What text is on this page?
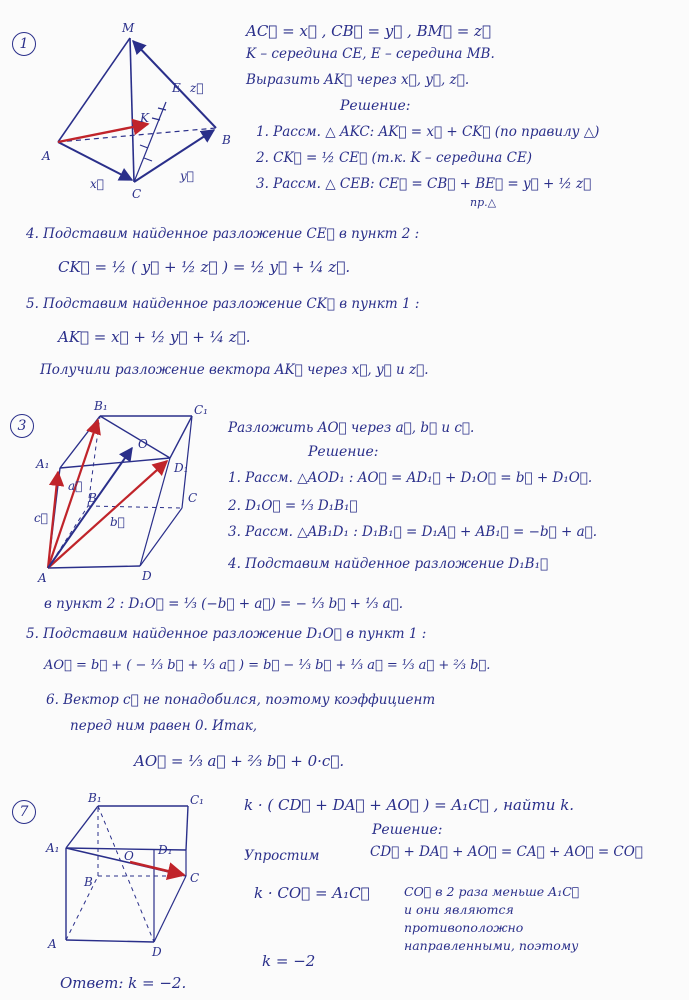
1
M
E z⃗
K
B
A
C
x⃗
y⃗
AC⃗ = x⃗ , CB⃗ = y⃗ , BM⃗ = z⃗
K – середина CE, E – середина MB.
Выразить AK⃗ через x⃗, y⃗, z⃗.
Решение:
1. Рассм. △ AKC: AK⃗ = x⃗ + CK⃗ (по правилу △)
2. CK⃗ = ½ CE⃗ (т.к. K – середина CE)
3. Рассм. △ CEB: CE⃗ = CB⃗ + BE⃗ = y⃗ + ½ z⃗
пр.△
4. Подставим найденное разложение CE⃗ в пункт 2 :
CK⃗ = ½ ( y⃗ + ½ z⃗ ) = ½ y⃗ + ¼ z⃗.
5. Подставим найденное разложение CK⃗ в пункт 1 :
AK⃗ = x⃗ + ½ y⃗ + ¼ z⃗.
Получили разложение вектора AK⃗ через x⃗, y⃗ и z⃗.
3
B₁	C₁
O
A₁	D₁
B	C
a⃗
c⃗	b⃗
A	D
Разложить AO⃗ через a⃗, b⃗ и c⃗.
Решение:
1. Рассм. △AOD₁ : AO⃗ = AD₁⃗ + D₁O⃗ = b⃗ + D₁O⃗.
2. D₁O⃗ = ⅓ D₁B₁⃗
3. Рассм. △AB₁D₁ : D₁B₁⃗ = D₁A⃗ + AB₁⃗ = −b⃗ + a⃗.
4. Подставим найденное разложение D₁B₁⃗
в пункт 2 : D₁O⃗ = ⅓ (−b⃗ + a⃗) = − ⅓ b⃗ + ⅓ a⃗.
5. Подставим найденное разложение D₁O⃗ в пункт 1 :
AO⃗ = b⃗ + ( − ⅓ b⃗ + ⅓ a⃗ ) = b⃗ − ⅓ b⃗ + ⅓ a⃗ = ⅓ a⃗ + ⅔ b⃗.
6. Вектор c⃗ не понадобился, поэтому коэффициент
перед ним равен 0. Итак,
AO⃗ = ⅓ a⃗ + ⅔ b⃗ + 0·c⃗.
7
B₁	C₁
A₁
O D₁
B	C
A
D
k · ( CD⃗ + DA⃗ + AO⃗ ) = A₁C⃗ , найти k.
Решение:
Упростим	CD⃗ + DA⃗ + AO⃗ = CA⃗ + AO⃗ = CO⃗
k · CO⃗ = A₁C⃗	CO⃗ в 2 раза меньше A₁C⃗
и они являются
противоположно
направленными, поэтому
k = −2
Ответ: k = −2.
